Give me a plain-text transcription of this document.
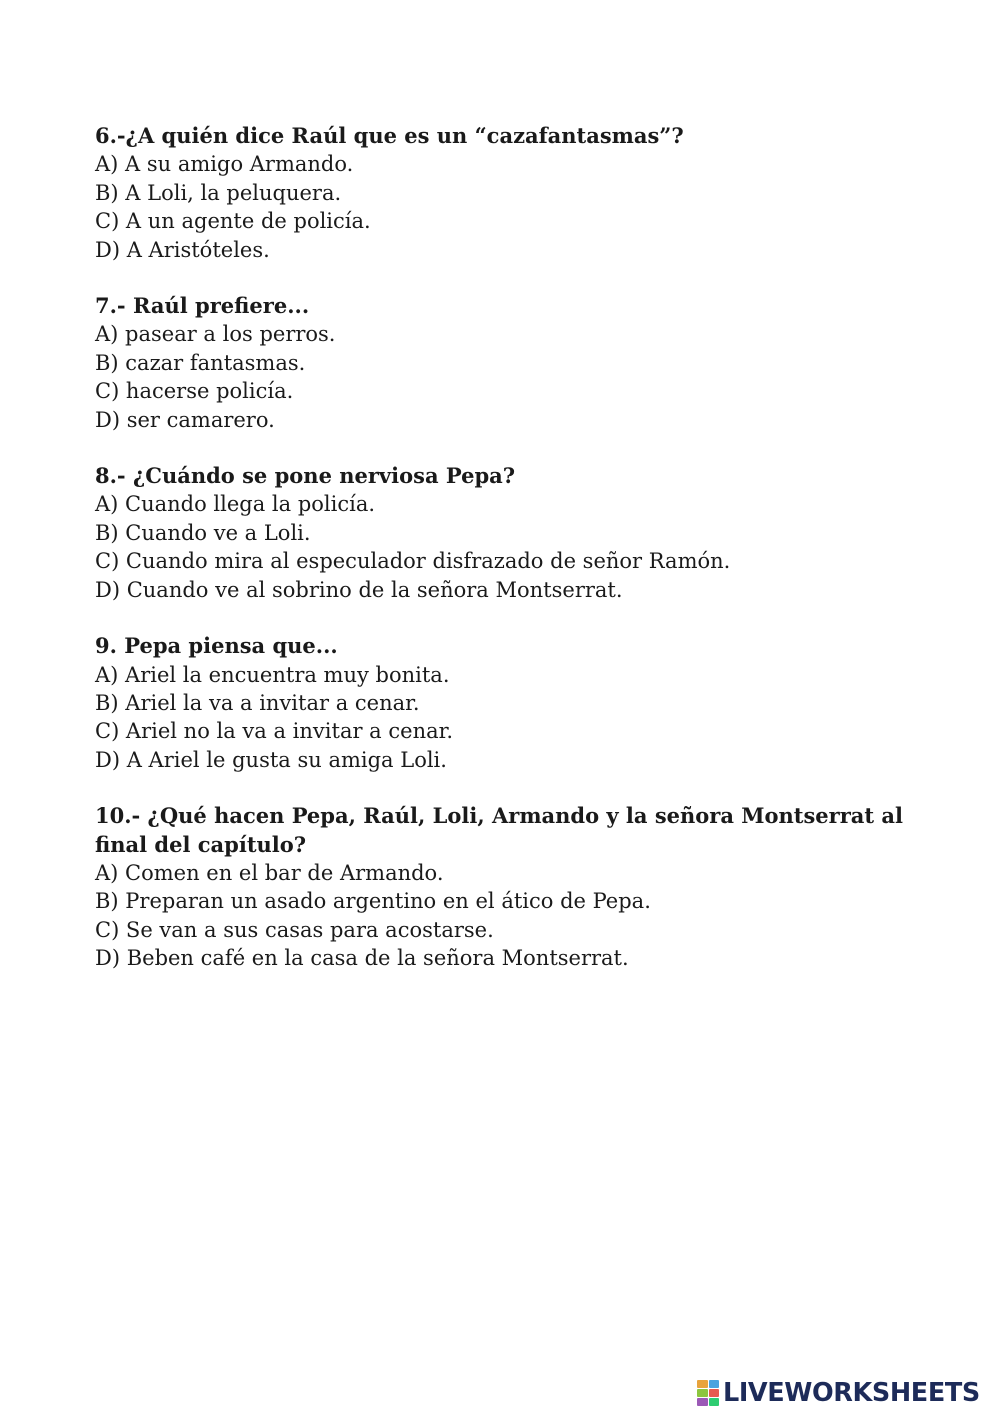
6.-¿A quién dice Raúl que es un “cazafantasmas”?

A) A su amigo Armando.

B) A Loli, la peluquera.

C) A un agente de policía.

D) A Aristóteles.

7.- Raúl prefiere...

A) pasear a los perros.

B) cazar fantasmas.

C) hacerse policía.

D) ser camarero.

8.- ¿Cuándo se pone nerviosa Pepa?

A) Cuando llega la policía.

B) Cuando ve a Loli.

C) Cuando mira al especulador disfrazado de señor Ramón.

D) Cuando ve al sobrino de la señora Montserrat.

9. Pepa piensa que...

A) Ariel la encuentra muy bonita.

B) Ariel la va a invitar a cenar.

C) Ariel no la va a invitar a cenar.

D) A Ariel le gusta su amiga Loli.

10.- ¿Qué hacen Pepa, Raúl, Loli, Armando y la señora Montserrat al final del capítulo?

A) Comen en el bar de Armando.

B) Preparan un asado argentino en el ático de Pepa.

C) Se van a sus casas para acostarse.

D) Beben café en la casa de la señora Montserrat.

LIVEWORKSHEETS
